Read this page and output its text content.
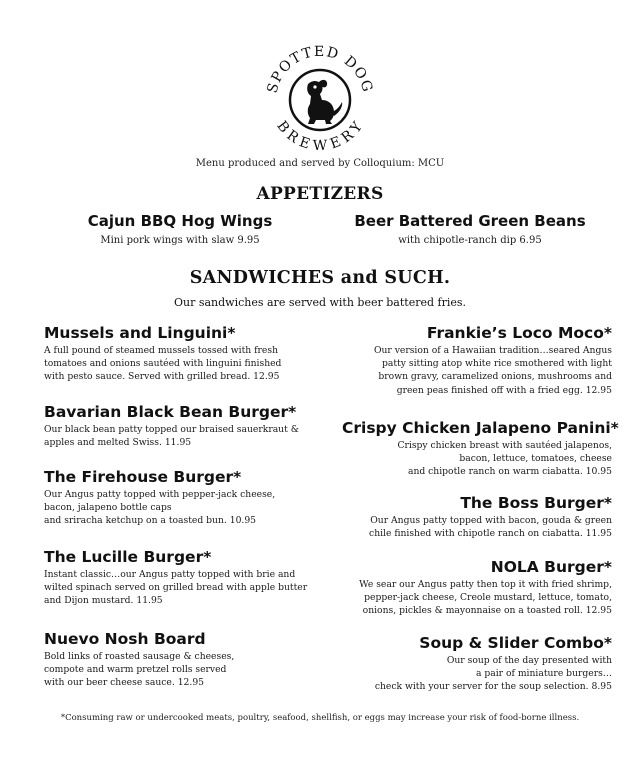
SPOTTED DOG
BREWERY
Menu produced and served by Colloquium: MCU
APPETIZERS
Cajun BBQ Hog Wings
Mini pork wings with slaw 9.95
Beer Battered Green Beans
with chipotle-ranch dip 6.95
SANDWICHES and SUCH.
Our sandwiches are served with beer battered fries.
Mussels and Linguini*
A full pound of steamed mussels tossed with fresh
tomatoes and onions sautéed with linguini finished
with pesto sauce. Served with grilled bread. 12.95
Bavarian Black Bean Burger*
Our black bean patty topped our braised sauerkraut &
apples and melted Swiss. 11.95
The Firehouse Burger*
Our Angus patty topped with pepper-jack cheese,
bacon, jalapeno bottle caps
and sriracha ketchup on a toasted bun. 10.95
The Lucille Burger*
Instant classic…our Angus patty topped with brie and
wilted spinach served on grilled bread with apple butter
and Dijon mustard. 11.95
Nuevo Nosh Board
Bold links of roasted sausage & cheeses,
compote and warm pretzel rolls served
with our beer cheese sauce. 12.95
Frankie’s Loco Moco*
Our version of a Hawaiian tradition…seared Angus
patty sitting atop white rice smothered with light
brown gravy, caramelized onions, mushrooms and
green peas finished off with a fried egg. 12.95
Crispy Chicken Jalapeno Panini*
Crispy chicken breast with sautéed jalapenos,
bacon, lettuce, tomatoes, cheese
and chipotle ranch on warm ciabatta. 10.95
The Boss Burger*
Our Angus patty topped with bacon, gouda & green
chile finished with chipotle ranch on ciabatta. 11.95
NOLA Burger*
We sear our Angus patty then top it with fried shrimp,
pepper-jack cheese, Creole mustard, lettuce, tomato,
onions, pickles & mayonnaise on a toasted roll. 12.95
Soup & Slider Combo*
Our soup of the day presented with
a pair of miniature burgers…
check with your server for the soup selection. 8.95
*Consuming raw or undercooked meats, poultry, seafood, shellfish, or eggs may increase your risk of food-borne illness.
